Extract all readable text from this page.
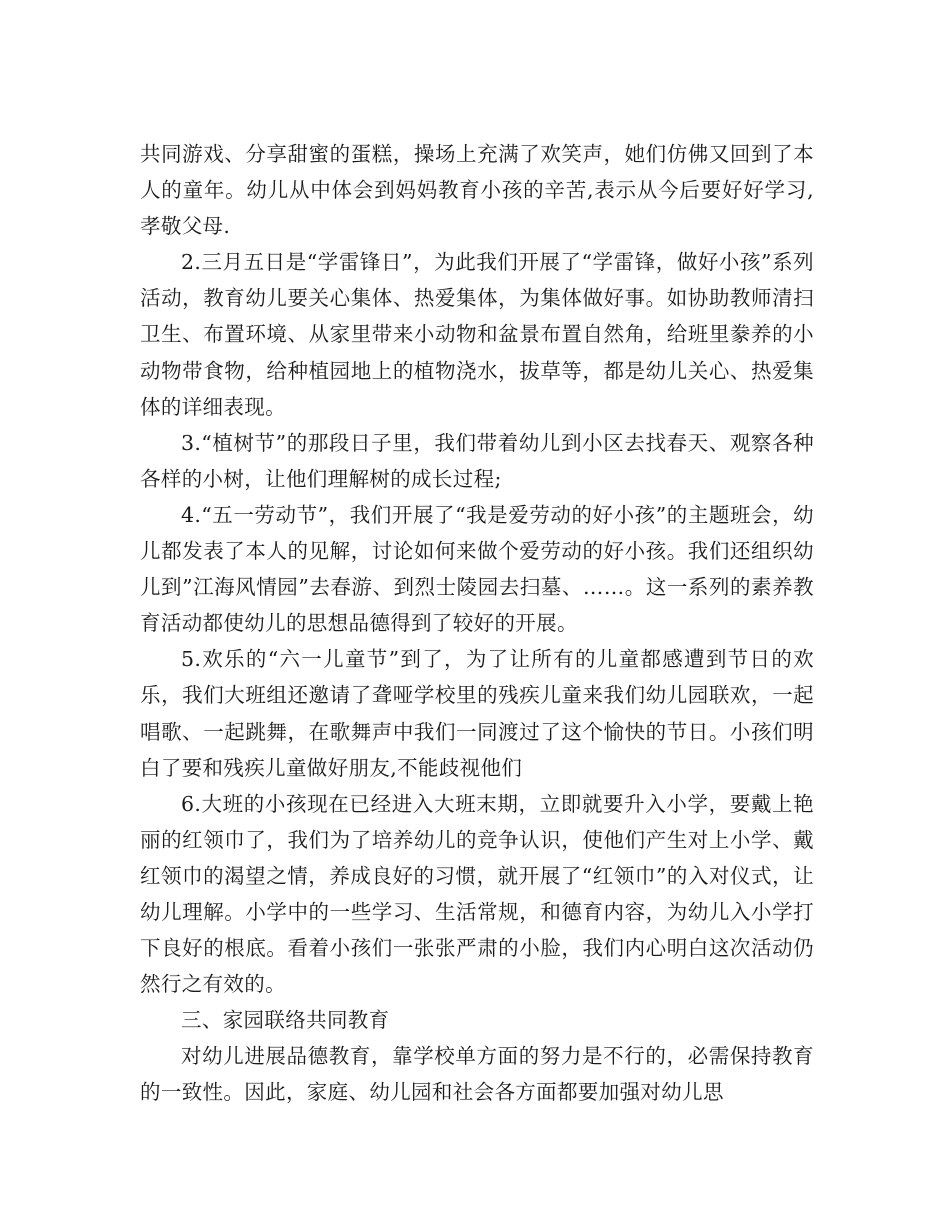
共同游戏、分享甜蜜的蛋糕，操场上充满了欢笑声，她们仿佛又回到了本人的童年。幼儿从中体会到妈妈教育小孩的辛苦,表示从今后要好好学习,孝敬父母.

2.三月五日是“学雷锋日”，为此我们开展了“学雷锋，做好小孩”系列活动，教育幼儿要关心集体、热爱集体，为集体做好事。如协助教师清扫卫生、布置环境、从家里带来小动物和盆景布置自然角，给班里豢养的小动物带食物，给种植园地上的植物浇水，拔草等，都是幼儿关心、热爱集体的详细表现。

3.“植树节”的那段日子里，我们带着幼儿到小区去找春天、观察各种各样的小树，让他们理解树的成长过程;

4.“五一劳动节”，我们开展了“我是爱劳动的好小孩”的主题班会，幼儿都发表了本人的见解，讨论如何来做个爱劳动的好小孩。我们还组织幼儿到”江海风情园”去春游、到烈士陵园去扫墓、……。这一系列的素养教育活动都使幼儿的思想品德得到了较好的开展。

5.欢乐的“六一儿童节”到了，为了让所有的儿童都感遭到节日的欢乐，我们大班组还邀请了聋哑学校里的残疾儿童来我们幼儿园联欢，一起唱歌、一起跳舞，在歌舞声中我们一同渡过了这个愉快的节日。小孩们明白了要和残疾儿童做好朋友,不能歧视他们

6.大班的小孩现在已经进入大班末期，立即就要升入小学，要戴上艳丽的红领巾了，我们为了培养幼儿的竞争认识，使他们产生对上小学、戴红领巾的渴望之情，养成良好的习惯，就开展了“红领巾”的入对仪式，让幼儿理解。小学中的一些学习、生活常规，和德育内容，为幼儿入小学打下良好的根底。看着小孩们一张张严肃的小脸，我们内心明白这次活动仍然行之有效的。

三、家园联络共同教育

对幼儿进展品德教育，靠学校单方面的努力是不行的，必需保持教育的一致性。因此，家庭、幼儿园和社会各方面都要加强对幼儿思
